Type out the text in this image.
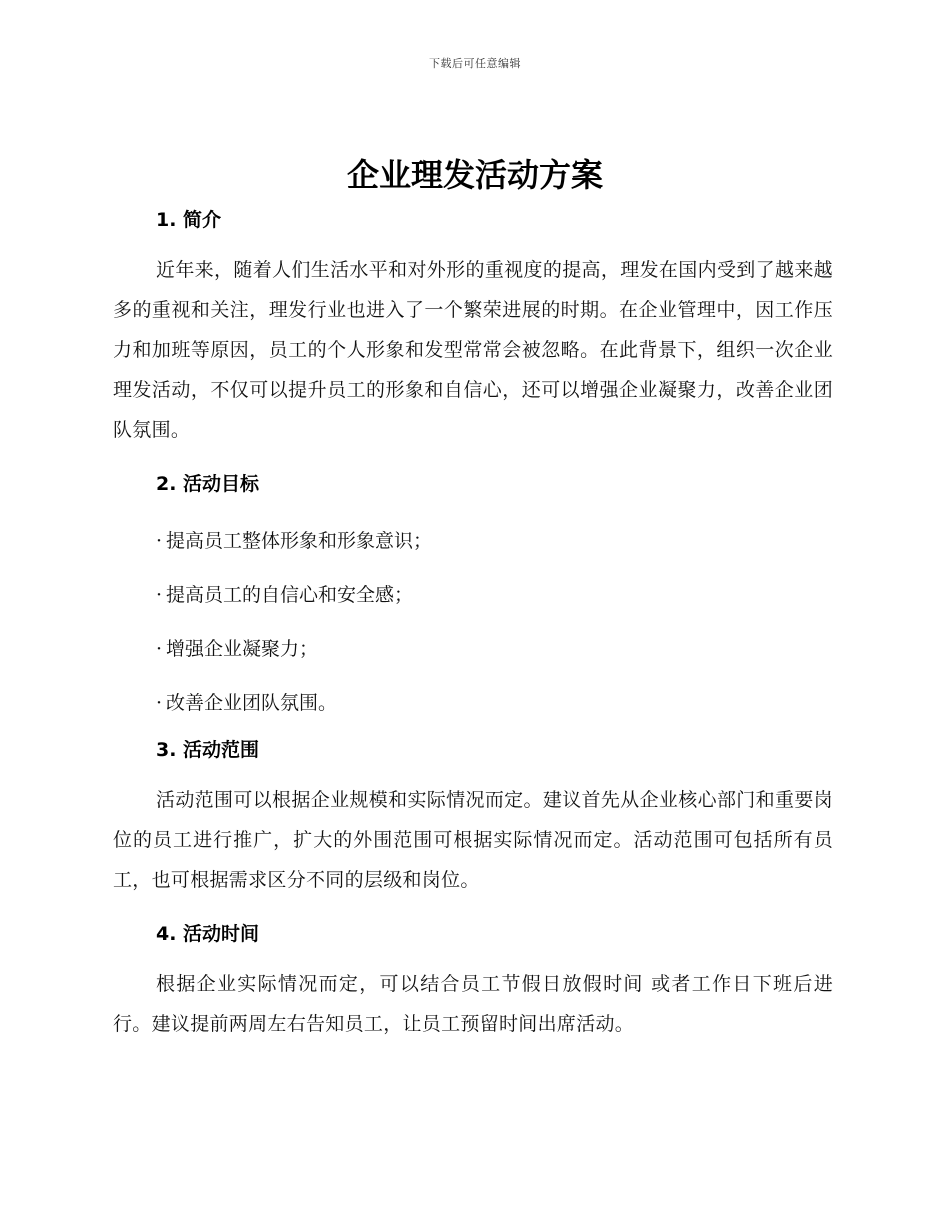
下载后可任意编辑
企业理发活动方案
1. 简介

近年来，随着人们生活水平和对外形的重视度的提高，理发在国内受到了越来越多的重视和关注，理发行业也进入了一个繁荣进展的时期。在企业管理中，因工作压力和加班等原因，员工的个人形象和发型常常会被忽略。在此背景下，组织一次企业理发活动，不仅可以提升员工的形象和自信心，还可以增强企业凝聚力，改善企业团队氛围。

2. 活动目标
· 提高员工整体形象和形象意识；
· 提高员工的自信心和安全感；
· 增强企业凝聚力；
· 改善企业团队氛围。
3. 活动范围

活动范围可以根据企业规模和实际情况而定。建议首先从企业核心部门和重要岗位的员工进行推广，扩大的外围范围可根据实际情况而定。活动范围可包括所有员工，也可根据需求区分不同的层级和岗位。

4. 活动时间

根据企业实际情况而定，可以结合员工节假日放假时间 或者工作日下班后进行。建议提前两周左右告知员工，让员工预留时间出席活动。
